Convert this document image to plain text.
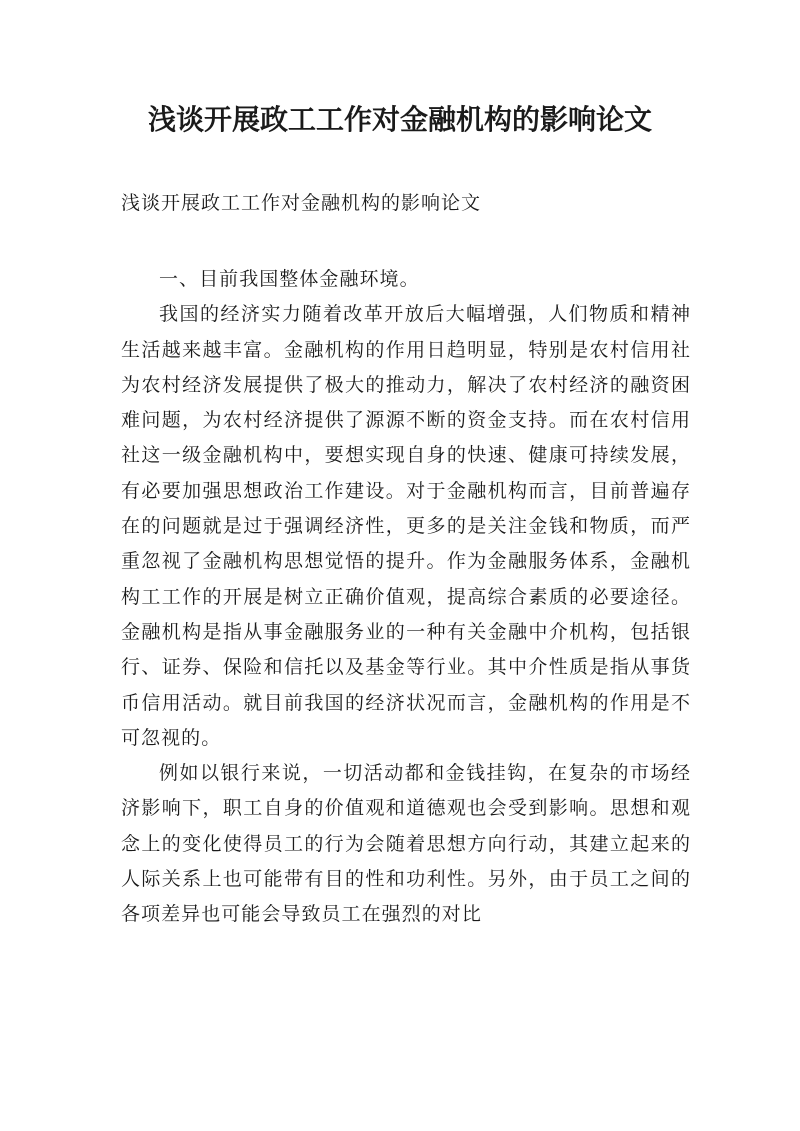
浅谈开展政工工作对金融机构的影响论文
浅谈开展政工工作对金融机构的影响论文

一、目前我国整体金融环境。

我国的经济实力随着改革开放后大幅增强，人们物质和精神生活越来越丰富。金融机构的作用日趋明显，特别是农村信用社为农村经济发展提供了极大的推动力，解决了农村经济的融资困难问题，为农村经济提供了源源不断的资金支持。而在农村信用社这一级金融机构中，要想实现自身的快速、健康可持续发展，有必要加强思想政治工作建设。对于金融机构而言，目前普遍存在的问题就是过于强调经济性，更多的是关注金钱和物质，而严重忽视了金融机构思想觉悟的提升。作为金融服务体系，金融机构工工作的开展是树立正确价值观，提高综合素质的必要途径。金融机构是指从事金融服务业的一种有关金融中介机构，包括银行、证券、保险和信托以及基金等行业。其中介性质是指从事货币信用活动。就目前我国的经济状况而言，金融机构的作用是不可忽视的。

例如以银行来说，一切活动都和金钱挂钩，在复杂的市场经济影响下，职工自身的价值观和道德观也会受到影响。思想和观念上的变化使得员工的行为会随着思想方向行动，其建立起来的人际关系上也可能带有目的性和功利性。另外，由于员工之间的各项差异也可能会导致员工在强烈的对比
